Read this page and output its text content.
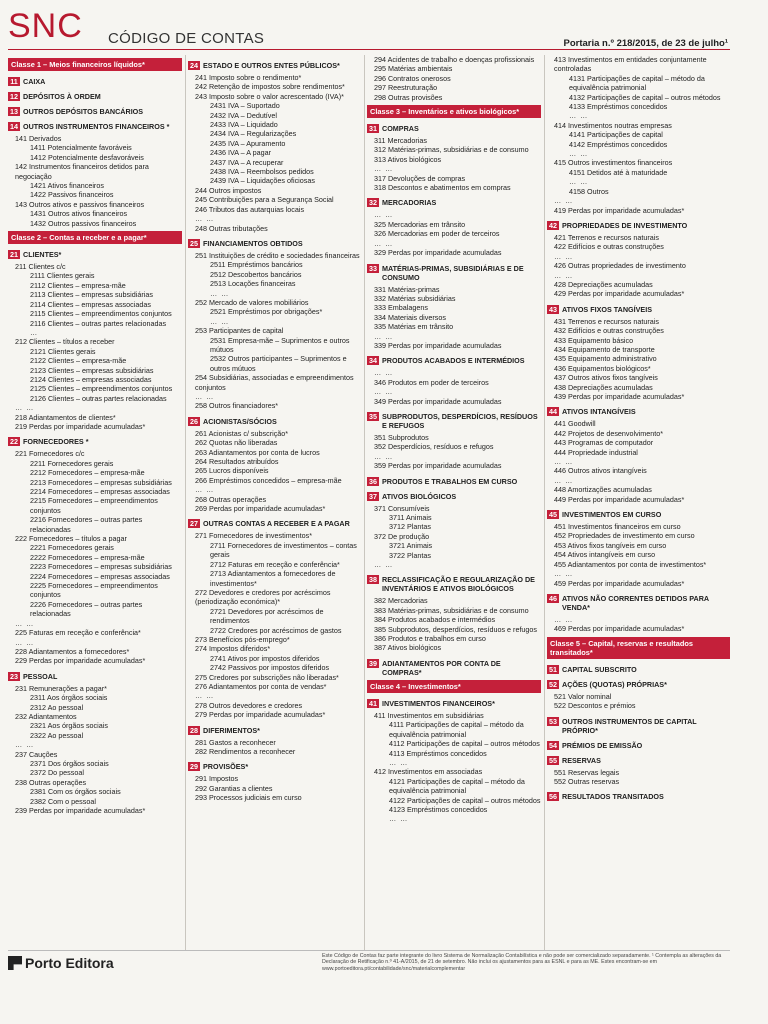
SNC CÓDIGO DE CONTAS	Portaria n.º 218/2015, de 23 de julho¹
Classe 1 – Meios financeiros líquidos*
11 CAIXA
12 DEPÓSITOS À ORDEM
13 OUTROS DEPÓSITOS BANCÁRIOS
14 OUTROS INSTRUMENTOS FINANCEIROS *
141 Derivados
1411 Potencialmente favoráveis
1412 Potencialmente desfavoráveis
142 Instrumentos financeiros detidos para negociação
1421 Ativos financeiros
1422 Passivos financeiros
143 Outros ativos e passivos financeiros
1431 Outros ativos financeiros
1432 Outros passivos financeiros
Classe 2 – Contas a receber e a pagar*
21 CLIENTES*
211 Clientes c/c
2111 Clientes gerais
2112 Clientes – empresa-mãe
2113 Clientes – empresas subsidiárias
2114 Clientes – empresas associadas
2115 Clientes – empreendimentos conjuntos
2116 Clientes – outras partes relacionadas
…
212 Clientes – títulos a receber
2121 Clientes gerais
2122 Clientes – empresa-mãe
2123 Clientes – empresas subsidiárias
2124 Clientes – empresas associadas
2125 Clientes – empreendimentos conjuntos
2126 Clientes – outras partes relacionadas
… …
218 Adiantamentos de clientes*
219 Perdas por imparidade acumuladas*
22 FORNECEDORES *
221 Fornecedores c/c
2211 Fornecedores gerais
2212 Fornecedores – empresa-mãe
2213 Fornecedores – empresas subsidiárias
2214 Fornecedores – empresas associadas
2215 Fornecedores – empreendimentos conjuntos
2216 Fornecedores – outras partes relacionadas
222 Fornecedores – títulos a pagar
2221 Fornecedores gerais
2222 Fornecedores – empresa-mãe
2223 Fornecedores – empresas subsidiárias
2224 Fornecedores – empresas associadas
2225 Fornecedores – empreendimentos conjuntos
2226 Fornecedores – outras partes relacionadas
… …
225 Faturas em receção e conferência*
… …
228 Adiantamentos a fornecedores*
229 Perdas por imparidade acumuladas*
23 PESSOAL
231 Remunerações a pagar*
2311 Aos órgãos sociais
2312 Ao pessoal
232 Adiantamentos
2321 Aos órgãos sociais
2322 Ao pessoal
… …
237 Cauções
2371 Dos órgãos sociais
2372 Do pessoal
238 Outras operações
2381 Com os órgãos sociais
2382 Com o pessoal
239 Perdas por imparidade acumuladas*
24 ESTADO E OUTROS ENTES PÚBLICOS*
241 Imposto sobre o rendimento*
242 Retenção de impostos sobre rendimentos*
243 Imposto sobre o valor acrescentado (IVA)*
2431 IVA – Suportado
2432 IVA – Dedutível
2433 IVA – Liquidado
2434 IVA – Regularizações
2435 IVA – Apuramento
2436 IVA – A pagar
2437 IVA – A recuperar
2438 IVA – Reembolsos pedidos
2439 IVA – Liquidações oficiosas
244 Outros impostos
245 Contribuições para a Segurança Social
246 Tributos das autarquias locais
… …
248 Outras tributações
25 FINANCIAMENTOS OBTIDOS
251 Instituições de crédito e sociedades financeiras
2511 Empréstimos bancários
2512 Descobertos bancários
2513 Locações financeiras
… …
252 Mercado de valores mobiliários
2521 Empréstimos por obrigações*
… …
253 Participantes de capital
2531 Empresa-mãe – Suprimentos e outros mútuos
2532 Outros participantes – Suprimentos e outros mútuos
254 Subsidiárias, associadas e empreendimentos conjuntos
… …
258 Outros financiadores*
26 ACIONISTAS/SÓCIOS
261 Acionistas c/ subscrição*
262 Quotas não liberadas
263 Adiantamentos por conta de lucros
264 Resultados atribuídos
265 Lucros disponíveis
266 Empréstimos concedidos – empresa-mãe
… …
268 Outras operações
269 Perdas por imparidade acumuladas*
27 OUTRAS CONTAS A RECEBER E A PAGAR
271 Fornecedores de investimentos*
2711 Fornecedores de investimentos – contas gerais
2712 Faturas em receção e conferência*
2713 Adiantamentos a fornecedores de investimentos*
272 Devedores e credores por acréscimos (periodização económica)*
2721 Devedores por acréscimos de rendimentos
2722 Credores por acréscimos de gastos
273 Benefícios pós-emprego*
274 Impostos diferidos*
2741 Ativos por impostos diferidos
2742 Passivos por impostos diferidos
275 Credores por subscrições não liberadas*
276 Adiantamentos por conta de vendas*
… …
278 Outros devedores e credores
279 Perdas por imparidade acumuladas*
28 DIFERIMENTOS*
281 Gastos a reconhecer
282 Rendimentos a reconhecer
29 PROVISÕES*
291 Impostos
292 Garantias a clientes
293 Processos judiciais em curso
294 Acidentes de trabalho e doenças profissionais
295 Matérias ambientais
296 Contratos onerosos
297 Reestruturação
298 Outras provisões
Classe 3 – Inventários e ativos biológicos*
31 COMPRAS
311 Mercadorias
312 Matérias-primas, subsidiárias e de consumo
313 Ativos biológicos
… …
317 Devoluções de compras
318 Descontos e abatimentos em compras
32 MERCADORIAS
… …
325 Mercadorias em trânsito
326 Mercadorias em poder de terceiros
… …
329 Perdas por imparidade acumuladas
33 MATÉRIAS-PRIMAS, SUBSIDIÁRIAS E DE CONSUMO
331 Matérias-primas
332 Matérias subsidiárias
333 Embalagens
334 Materiais diversos
335 Matérias em trânsito
… …
339 Perdas por imparidade acumuladas
34 PRODUTOS ACABADOS E INTERMÉDIOS
… …
346 Produtos em poder de terceiros
… …
349 Perdas por imparidade acumuladas
35 SUBPRODUTOS, DESPERDÍCIOS, RESÍDUOS E REFUGOS
351 Subprodutos
352 Desperdícios, resíduos e refugos
… …
359 Perdas por imparidade acumuladas
36 PRODUTOS E TRABALHOS EM CURSO
37 ATIVOS BIOLÓGICOS
371 Consumíveis
3711 Animais
3712 Plantas
372 De produção
3721 Animais
3722 Plantas
… …
38 RECLASSIFICAÇÃO E REGULARIZAÇÃO DE INVENTÁRIOS E ATIVOS BIOLÓGICOS
382 Mercadorias
383 Matérias-primas, subsidiárias e de consumo
384 Produtos acabados e intermédios
385 Subprodutos, desperdícios, resíduos e refugos
386 Produtos e trabalhos em curso
387 Ativos biológicos
39 ADIANTAMENTOS POR CONTA DE COMPRAS*
Classe 4 – Investimentos*
41 INVESTIMENTOS FINANCEIROS*
411 Investimentos em subsidiárias
4111 Participações de capital – método da equivalência patrimonial
4112 Participações de capital – outros métodos
4113 Empréstimos concedidos
… …
412 Investimentos em associadas
4121 Participações de capital – método da equivalência patrimonial
4122 Participações de capital – outros métodos
4123 Empréstimos concedidos
… …
413 Investimentos em entidades conjuntamente controladas
4131 Participações de capital – método da equivalência patrimonial
4132 Participações de capital – outros métodos
4133 Empréstimos concedidos
… …
414 Investimentos noutras empresas
4141 Participações de capital
4142 Empréstimos concedidos
… …
415 Outros investimentos financeiros
4151 Detidos até à maturidade
… …
4158 Outros
… …
419 Perdas por imparidade acumuladas*
42 PROPRIEDADES DE INVESTIMENTO
421 Terrenos e recursos naturais
422 Edifícios e outras construções
… …
426 Outras propriedades de investimento
… …
428 Depreciações acumuladas
429 Perdas por imparidade acumuladas*
43 ATIVOS FIXOS TANGÍVEIS
431 Terrenos e recursos naturais
432 Edifícios e outras construções
433 Equipamento básico
434 Equipamento de transporte
435 Equipamento administrativo
436 Equipamentos biológicos*
437 Outros ativos fixos tangíveis
438 Depreciações acumuladas
439 Perdas por imparidade acumuladas*
44 ATIVOS INTANGÍVEIS
441 Goodwill
442 Projetos de desenvolvimento*
443 Programas de computador
444 Propriedade industrial
… …
446 Outros ativos intangíveis
… …
448 Amortizações acumuladas
449 Perdas por imparidade acumuladas*
45 INVESTIMENTOS EM CURSO
451 Investimentos financeiros em curso
452 Propriedades de investimento em curso
453 Ativos fixos tangíveis em curso
454 Ativos intangíveis em curso
455 Adiantamentos por conta de investimentos*
… …
459 Perdas por imparidade acumuladas*
46 ATIVOS NÃO CORRENTES DETIDOS PARA VENDA*
… …
469 Perdas por imparidade acumuladas*
Classe 5 – Capital, reservas e resultados transitados*
51 CAPITAL SUBSCRITO
52 AÇÕES (QUOTAS) PRÓPRIAS*
521 Valor nominal
522 Descontos e prémios
53 OUTROS INSTRUMENTOS DE CAPITAL PRÓPRIO*
54 PRÉMIOS DE EMISSÃO
55 RESERVAS
551 Reservas legais
552 Outras reservas
56 RESULTADOS TRANSITADOS
Porto Editora	Este Código de Contas faz parte integrante do livro Sistema de Normalização Contabilística e não pode ser comercializado separadamente. ¹ Contempla as alterações da Declaração de Retificação n.º 41-A/2015, de 21 de setembro. Não inclui os ajustamentos para as ESNL e para as ME. Estes encontram-se em www.portoeditora.pt/contabilidade/snc/materialcomplementar
